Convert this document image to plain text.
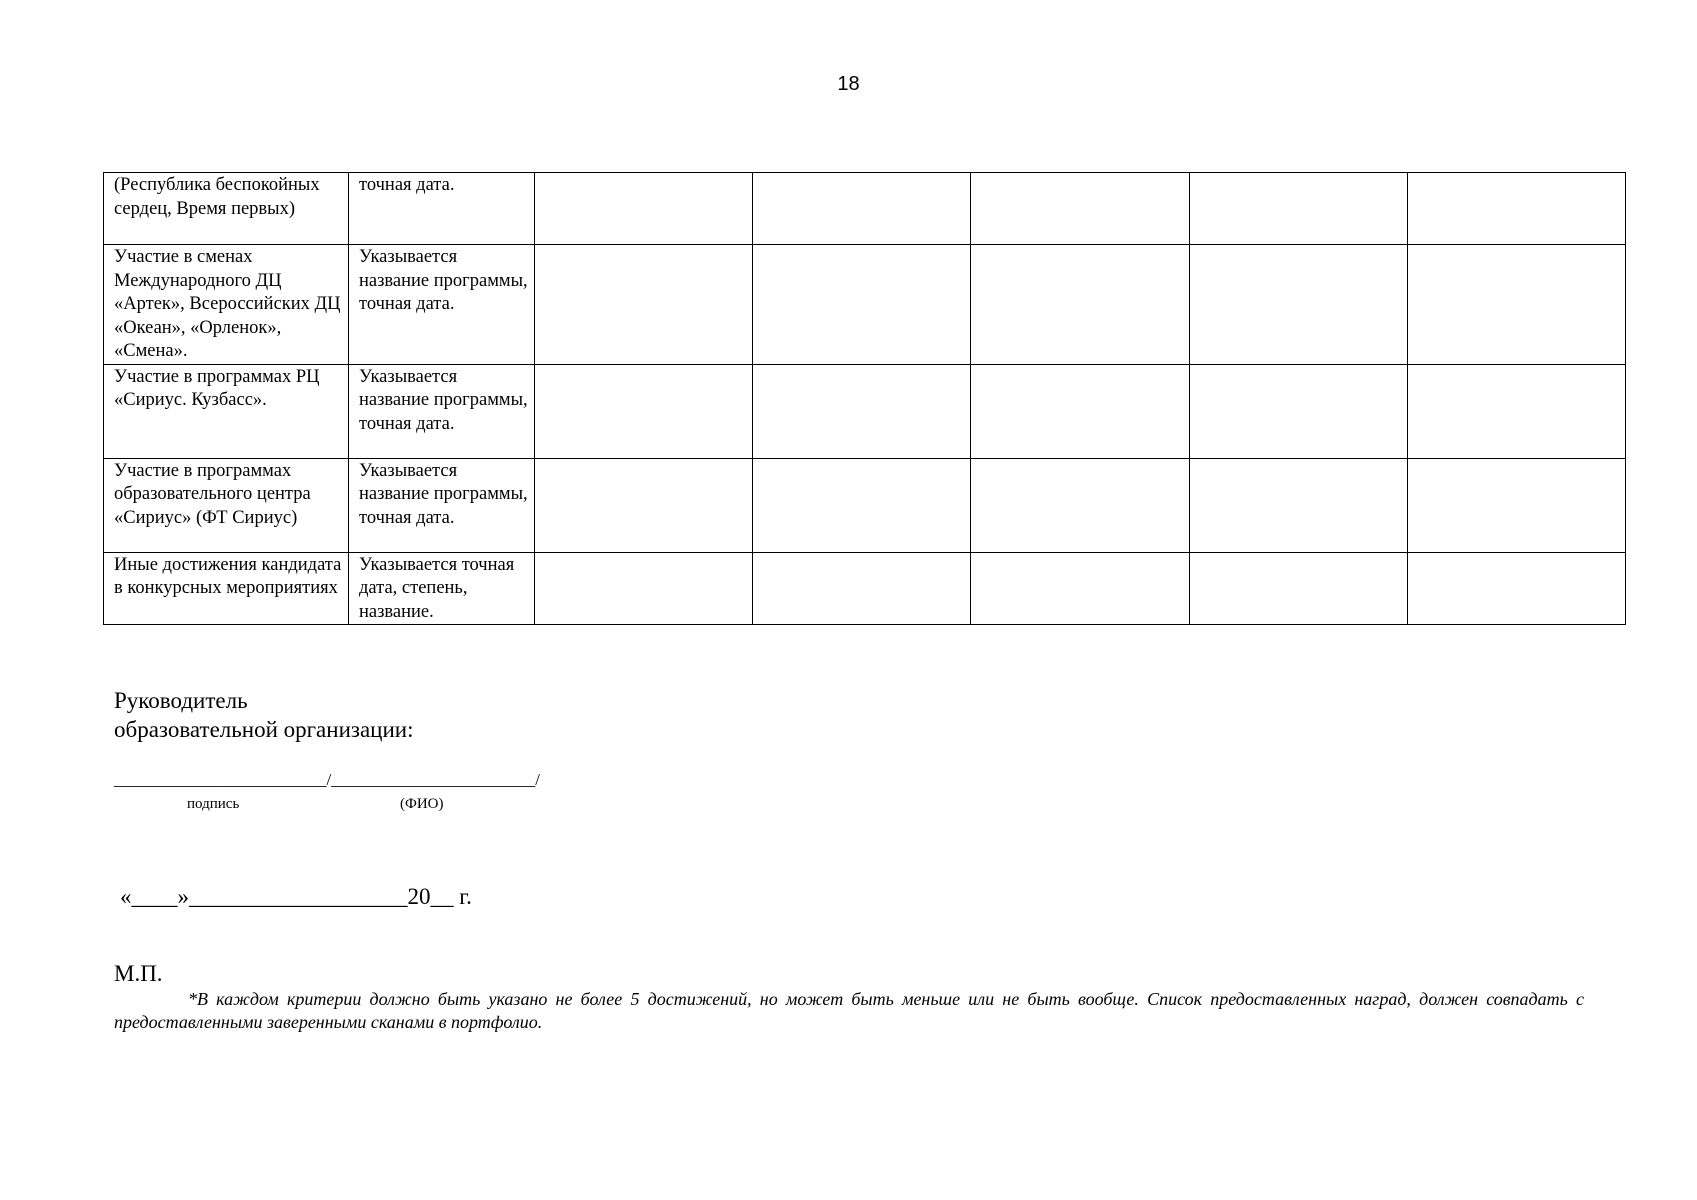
18
(Республика беспокойных сердец, Время первых)	точная дата.					
Участие в сменах Международного ДЦ «Артек», Всероссийских ДЦ «Океан», «Орленок», «Смена».	Указывается название программы, точная дата.					
Участие в программах РЦ «Сириус. Кузбасс».	Указывается название программы, точная дата.					
Участие в программах образовательного центра «Сириус» (ФТ Сириус)	Указывается название программы, точная дата.					
Иные достижения кандидата в конкурсных мероприятиях	Указывается точная дата, степень, название.					
Руководитель
образовательной организации:
_________________________/________________________/
подпись	(ФИО)
«____»___________________20__ г.
М.П.
*В каждом критерии должно быть указано не более 5 достижений, но может быть меньше или не быть вообще. Список предоставленных наград, должен совпадать с предоставленными заверенными сканами в портфолио.
